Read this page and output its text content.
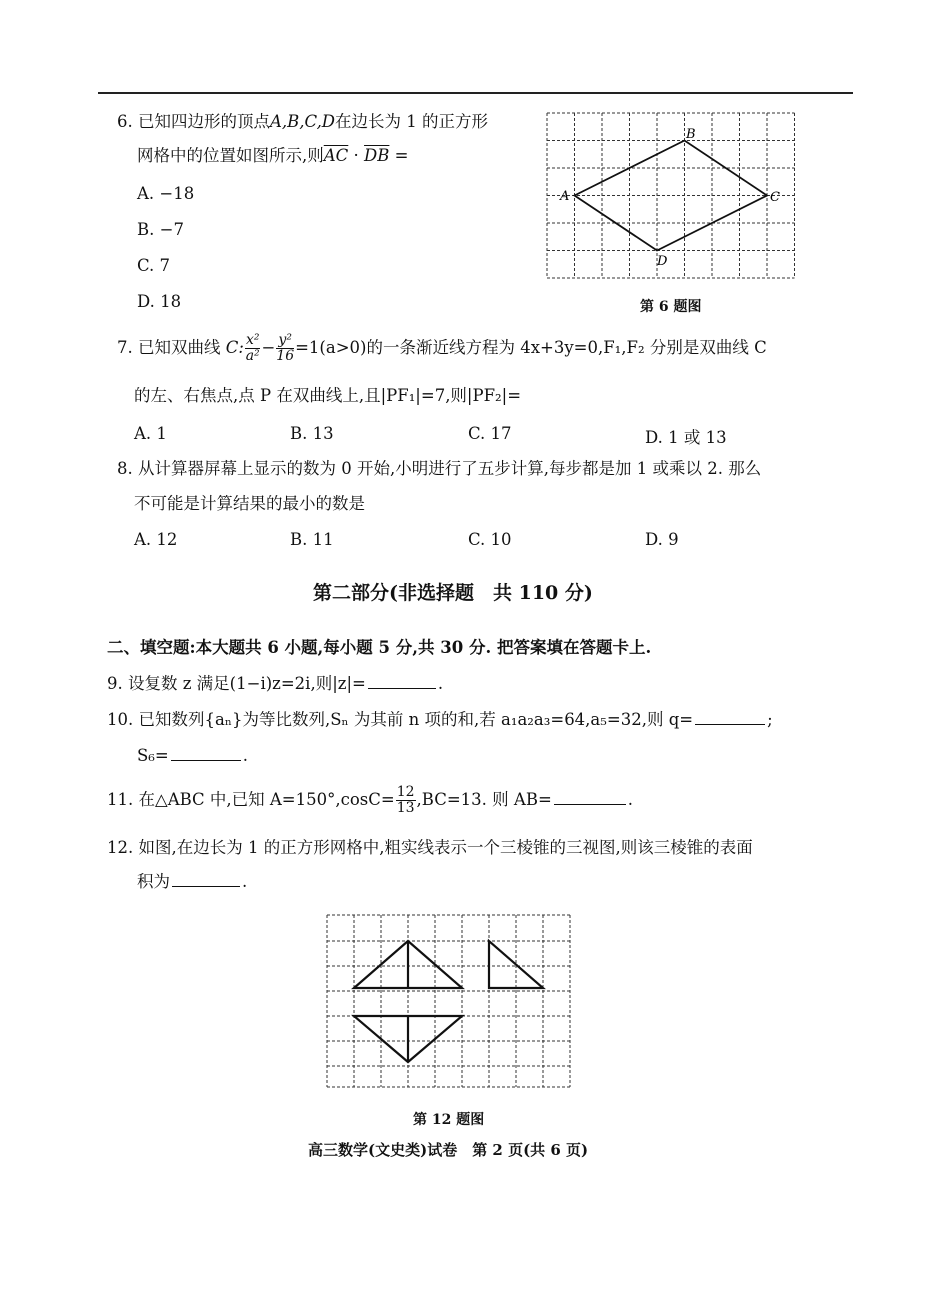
6. 已知四边形的顶点A,B,C,D在边长为 1 的正方形
网格中的位置如图所示,则$\overline{AC} \cdot \overline{DB}$ =
A. −18
B. −7
C. 7
D. 18
A
B
C
D
第 6 题图
7. 已知双曲线 C: $\frac{\text{x²}}{\text{a²}} - \frac{\text{y²}}{16} =1(a>0)$的一条渐近线方程为 4x+3y=0,F₁,F₂ 分别是双曲线 C
的左、右焦点,点 P 在双曲线上,且|PF₁|=7,则|PF₂|=
A. 1	B. 13	C. 17	D. 1 或 13
8. 从计算器屏幕上显示的数为 0 开始,小明进行了五步计算,每步都是加 1 或乘以 2. 那么
不可能是计算结果的最小的数是
A. 12	B. 11	C. 10	D. 9
第二部分(非选择题　共 110 分)
二、填空题:本大题共 6 小题,每小题 5 分,共 30 分. 把答案填在答题卡上.
9. 设复数 z 满足(1−i)z=2i,则|z|=	.
10. 已知数列{aₙ}为等比数列,Sₙ 为其前 n 项的和,若 a₁a₂a₃=64,a₅=32,则 q=	;
S₆=	.
11. 在△ABC 中,已知 $A=150^\circ,\cos C= \frac{12}{13} ,BC=13$. 则 AB=	.
12. 如图,在边长为 1 的正方形网格中,粗实线表示一个三棱锥的三视图,则该三棱锥的表面
积为	.
第 12 题图
高三数学(文史类)试卷　第 2 页(共 6 页)
